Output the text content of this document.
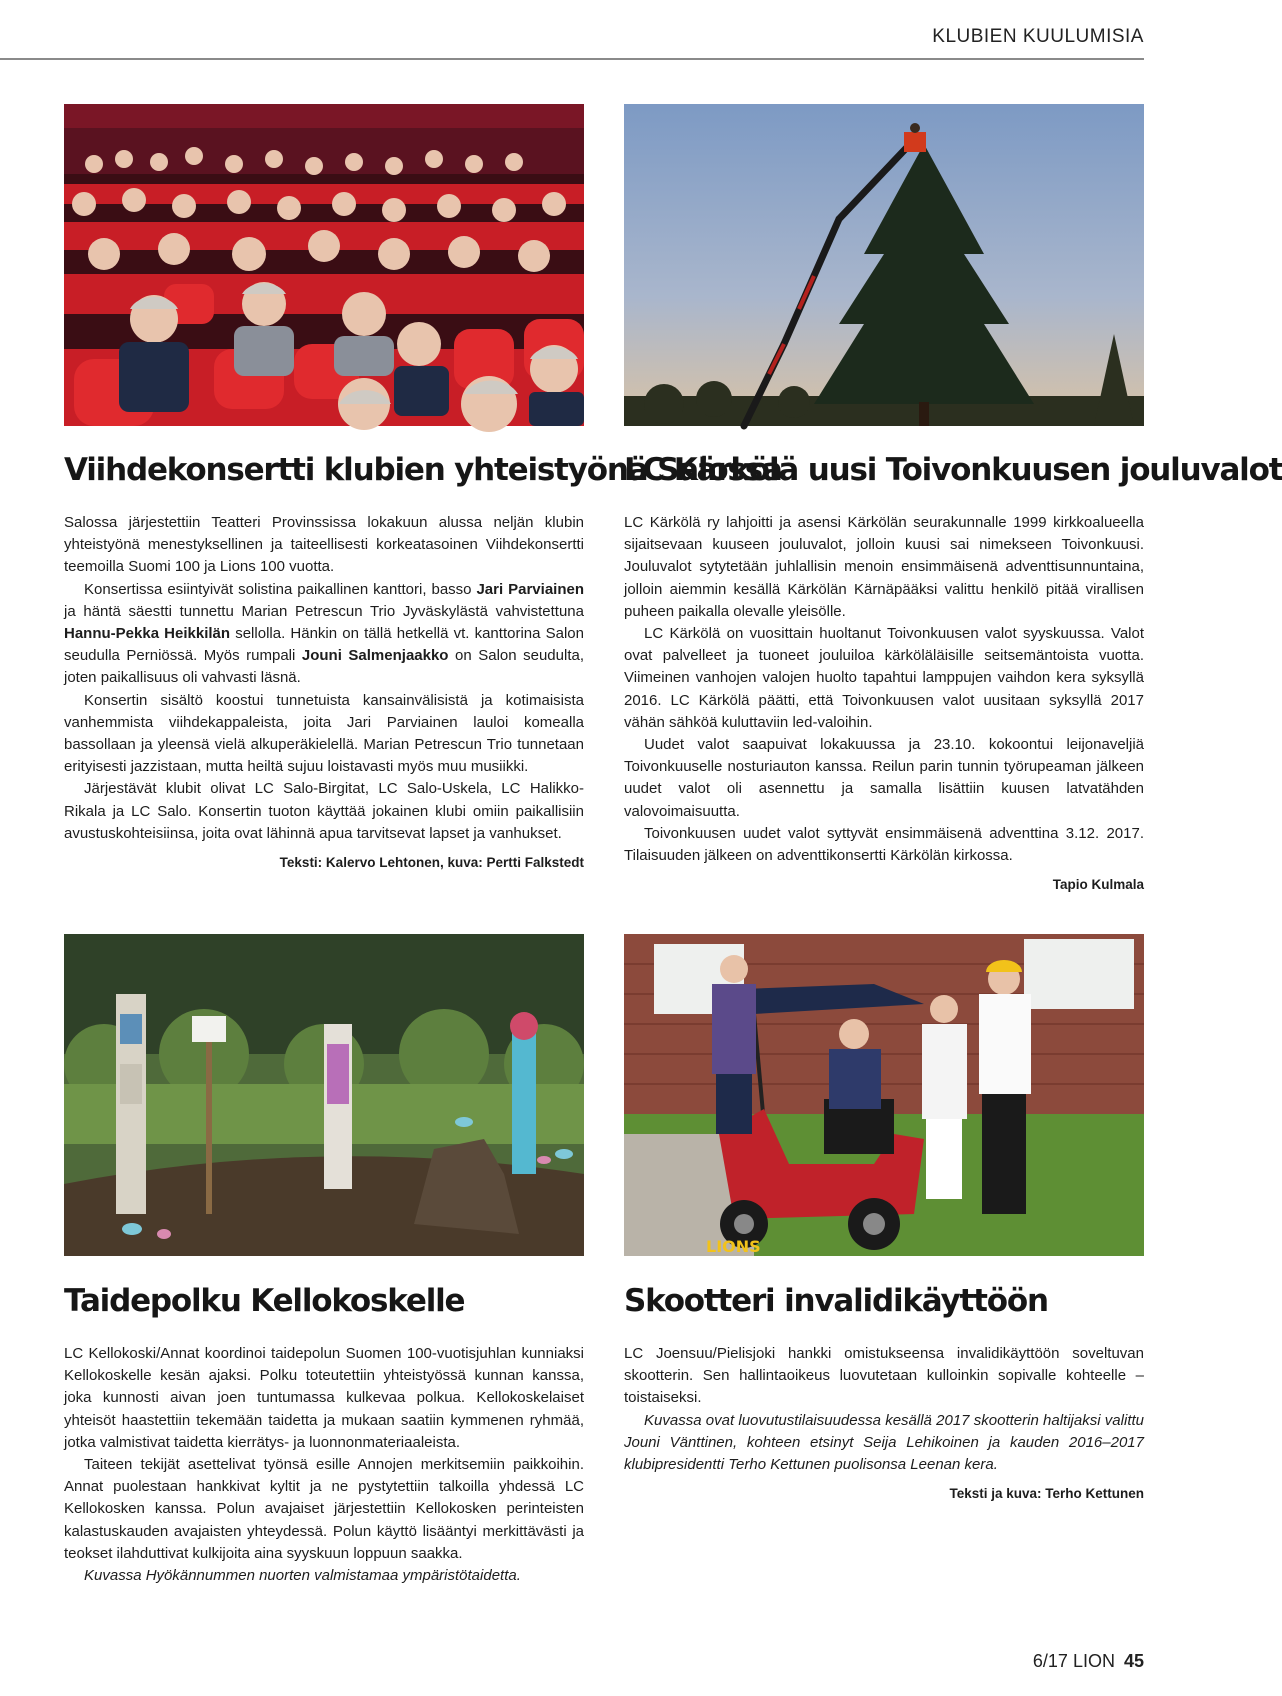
KLUBIEN KUULUMISIA
Viihdekonsertti klubien yhteistyönä Salossa

Salossa järjestettiin Teatteri Provinssissa lokakuun alussa neljän klubin yhteistyönä menestyksellinen ja taiteellisesti korkeatasoinen Viihdekonsertti teemoilla Suomi 100 ja Lions 100 vuotta.

Konsertissa esiintyivät solistina paikallinen kanttori, basso Jari Parviainen ja häntä säestti tunnettu Marian Petrescun Trio Jyväskylästä vahvistettuna Hannu-Pekka Heikkilän sellolla. Hänkin on tällä hetkellä vt. kanttorina Salon seudulla Perniössä. Myös rumpali Jouni Salmenjaakko on Salon seudulta, joten paikallisuus oli vahvasti läsnä.

Konsertin sisältö koostui tunnetuista kansainvälisistä ja kotimaisista vanhemmista viihdekappaleista, joita Jari Parviainen lauloi komealla bassollaan ja yleensä vielä alkuperäkielellä. Marian Petrescun Trio tunnetaan erityisesti jazzistaan, mutta heiltä sujuu loistavasti myös muu musiikki.

Järjestävät klubit olivat LC Salo-Birgitat, LC Salo-Uskela, LC Halikko-Rikala ja LC Salo. Konsertin tuoton käyttää jokainen klubi omiin paikallisiin avustuskohteisiinsa, joita ovat lähinnä apua tarvitsevat lapset ja vanhukset.

Teksti: Kalervo Lehtonen, kuva: Pertti Falkstedt
LC Kärkölä uusi Toivonkuusen jouluvalot

LC Kärkölä ry lahjoitti ja asensi Kärkölän seurakunnalle 1999 kirkkoalueella sijaitsevaan kuuseen jouluvalot, jolloin kuusi sai nimekseen Toivonkuusi. Jouluvalot sytytetään juhlallisin menoin ensimmäisenä adventtisunnuntaina, jolloin aiemmin kesällä Kärkölän Kärnäpääksi valittu henkilö pitää virallisen puheen paikalla olevalle yleisölle.

LC Kärkölä on vuosittain huoltanut Toivonkuusen valot syyskuussa. Valot ovat palvelleet ja tuoneet jouluiloa kärköläläisille seitsemäntoista vuotta. Viimeinen vanhojen valojen huolto tapahtui lamppujen vaihdon kera syksyllä 2016. LC Kärkölä päätti, että Toivonkuusen valot uusitaan syksyllä 2017 vähän sähköä kuluttaviin led-valoihin.

Uudet valot saapuivat lokakuussa ja 23.10. kokoontui leijonaveljiä Toivonkuuselle nosturiauton kanssa. Reilun parin tunnin työrupeaman jälkeen uudet valot oli asennettu ja samalla lisättiin kuusen latvatähden valovoimaisuutta.

Toivonkuusen uudet valot syttyvät ensimmäisenä adventtina 3.12. 2017. Tilaisuuden jälkeen on adventtikonsertti Kärkölän kirkossa.

Tapio Kulmala
Taidepolku Kellokoskelle

LC Kellokoski/Annat koordinoi taidepolun Suomen 100-vuotisjuhlan kunniaksi Kellokoskelle kesän ajaksi. Polku toteutettiin yhteistyössä kunnan kanssa, joka kunnosti aivan joen tuntumassa kulkevaa polkua. Kellokoskelaiset yhteisöt haastettiin tekemään taidetta ja mukaan saatiin kymmenen ryhmää, jotka valmistivat taidetta kierrätys- ja luonnonmateriaaleista.

Taiteen tekijät asettelivat työnsä esille Annojen merkitsemiin paikkoihin. Annat puolestaan hankkivat kyltit ja ne pystytettiin talkoilla yhdessä LC Kellokosken kanssa. Polun avajaiset järjestettiin Kellokosken perinteisten kalastuskauden avajaisten yhteydessä. Polun käyttö lisääntyi merkittävästi ja teokset ilahduttivat kulkijoita aina syyskuun loppuun saakka.

Kuvassa Hyökännummen nuorten valmistamaa ympäristötaidetta.

LIONS
Skootteri invalidikäyttöön

LC Joensuu/Pielisjoki hankki omistukseensa invalidikäyttöön soveltuvan skootterin. Sen hallintaoikeus luovutetaan kulloinkin sopivalle kohteelle – toistaiseksi.

Kuvassa ovat luovutustilaisuudessa kesällä 2017 skootterin haltijaksi valittu Jouni Vänttinen, kohteen etsinyt Seija Lehikoinen ja kauden 2016–2017 klubipresidentti Terho Kettunen puolisonsa Leenan kera.

Teksti ja kuva: Terho Kettunen
6/17 LION 45
